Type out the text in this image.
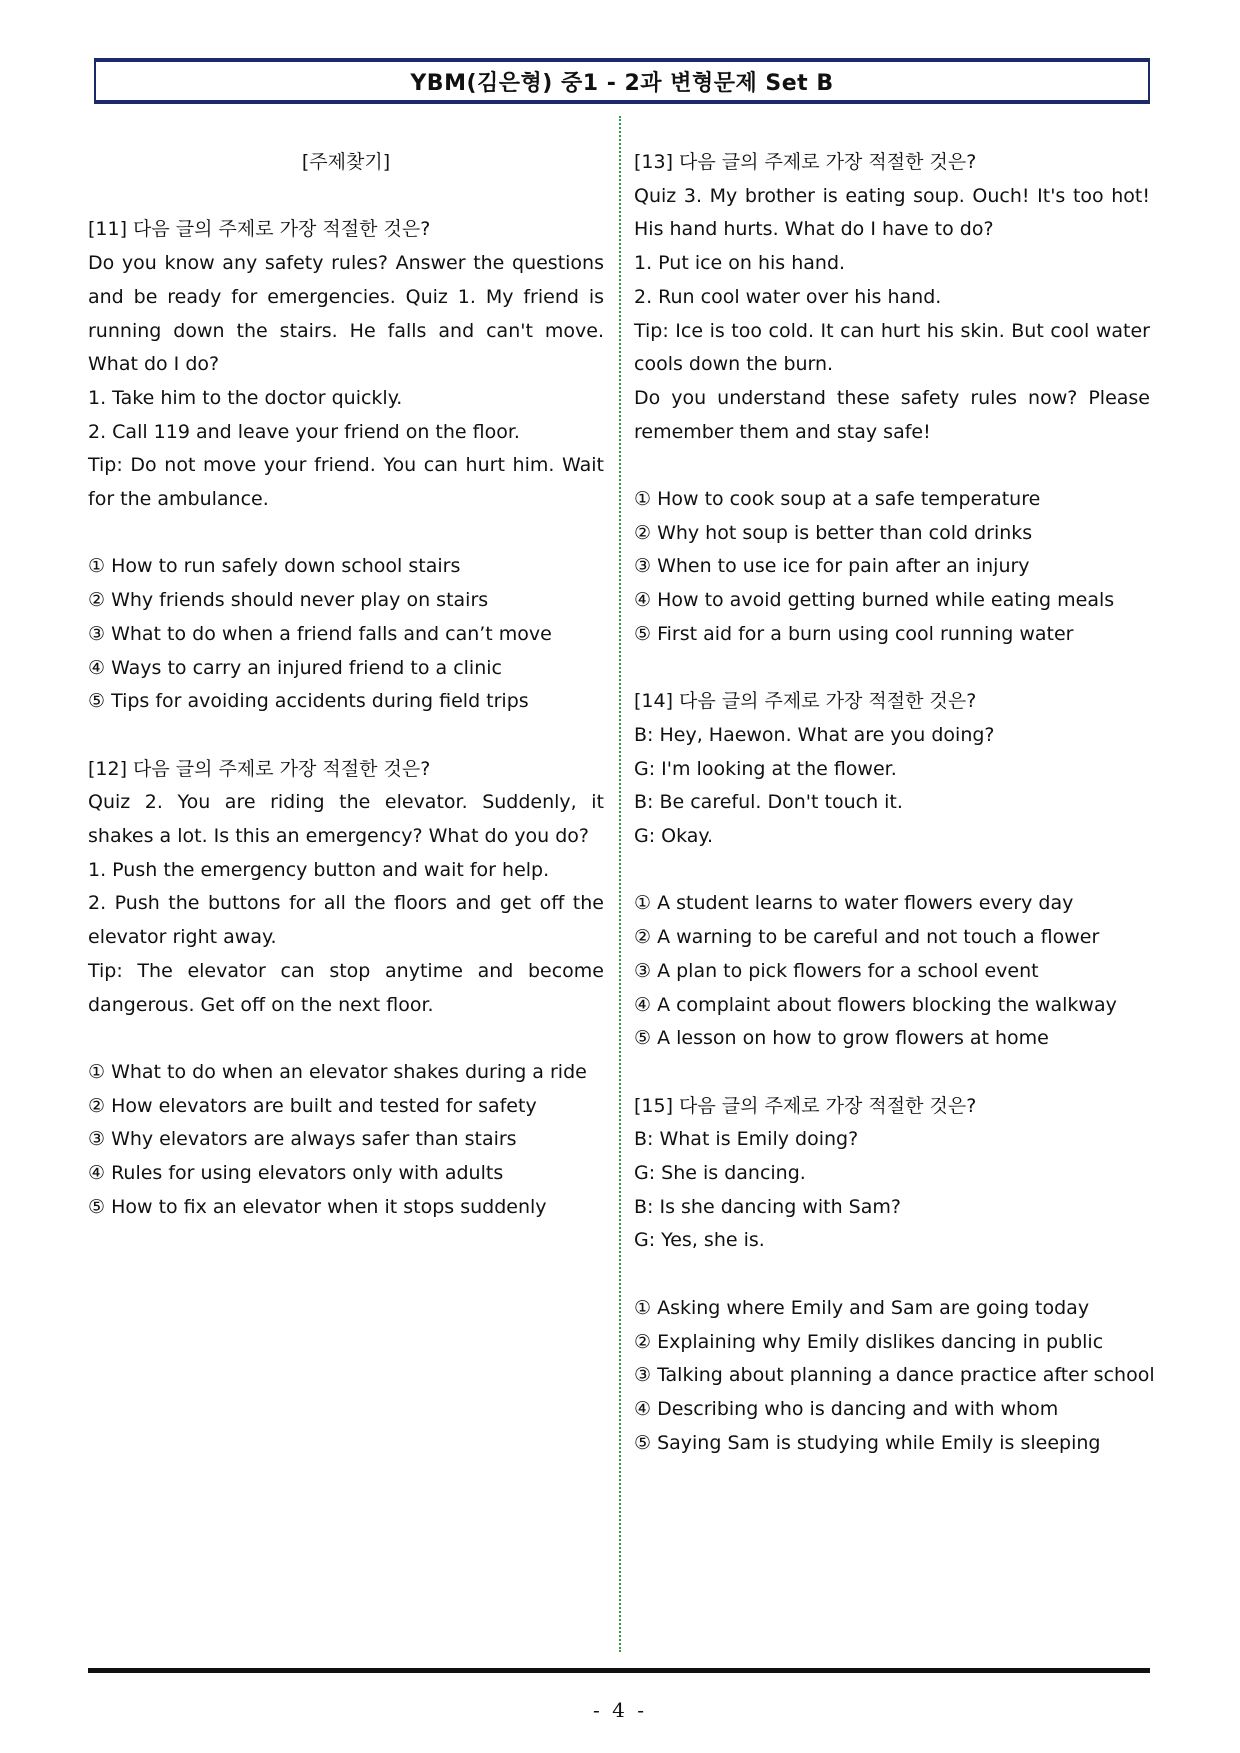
YBM(김은형) 중1 - 2과 변형문제 Set B
[주제찾기]
[11] 다음 글의 주제로 가장 적절한 것은?
Do you know any safety rules? Answer the questions and be ready for emergencies. Quiz 1. My friend is running down the stairs. He falls and can't move. What do I do?
1. Take him to the doctor quickly.
2. Call 119 and leave your friend on the floor.
Tip: Do not move your friend. You can hurt him. Wait for the ambulance.
① How to run safely down school stairs
② Why friends should never play on stairs
③ What to do when a friend falls and can’t move
④ Ways to carry an injured friend to a clinic
⑤ Tips for avoiding accidents during field trips
[12] 다음 글의 주제로 가장 적절한 것은?
Quiz 2. You are riding the elevator. Suddenly, it shakes a lot. Is this an emergency? What do you do?
1. Push the emergency button and wait for help.
2. Push the buttons for all the floors and get off the elevator right away.
Tip: The elevator can stop anytime and become dangerous. Get off on the next floor.
① What to do when an elevator shakes during a ride
② How elevators are built and tested for safety
③ Why elevators are always safer than stairs
④ Rules for using elevators only with adults
⑤ How to fix an elevator when it stops suddenly
[13] 다음 글의 주제로 가장 적절한 것은?
Quiz 3. My brother is eating soup. Ouch! It's too hot! His hand hurts. What do I have to do?
1. Put ice on his hand.
2. Run cool water over his hand.
Tip: Ice is too cold. It can hurt his skin. But cool water cools down the burn.
Do you understand these safety rules now? Please remember them and stay safe!
① How to cook soup at a safe temperature
② Why hot soup is better than cold drinks
③ When to use ice for pain after an injury
④ How to avoid getting burned while eating meals
⑤ First aid for a burn using cool running water
[14] 다음 글의 주제로 가장 적절한 것은?
B: Hey, Haewon. What are you doing?
G: I'm looking at the flower.
B: Be careful. Don't touch it.
G: Okay.
① A student learns to water flowers every day
② A warning to be careful and not touch a flower
③ A plan to pick flowers for a school event
④ A complaint about flowers blocking the walkway
⑤ A lesson on how to grow flowers at home
[15] 다음 글의 주제로 가장 적절한 것은?
B: What is Emily doing?
G: She is dancing.
B: Is she dancing with Sam?
G: Yes, she is.
① Asking where Emily and Sam are going today
② Explaining why Emily dislikes dancing in public
③ Talking about planning a dance practice after school
④ Describing who is dancing and with whom
⑤ Saying Sam is studying while Emily is sleeping
- 4 -
